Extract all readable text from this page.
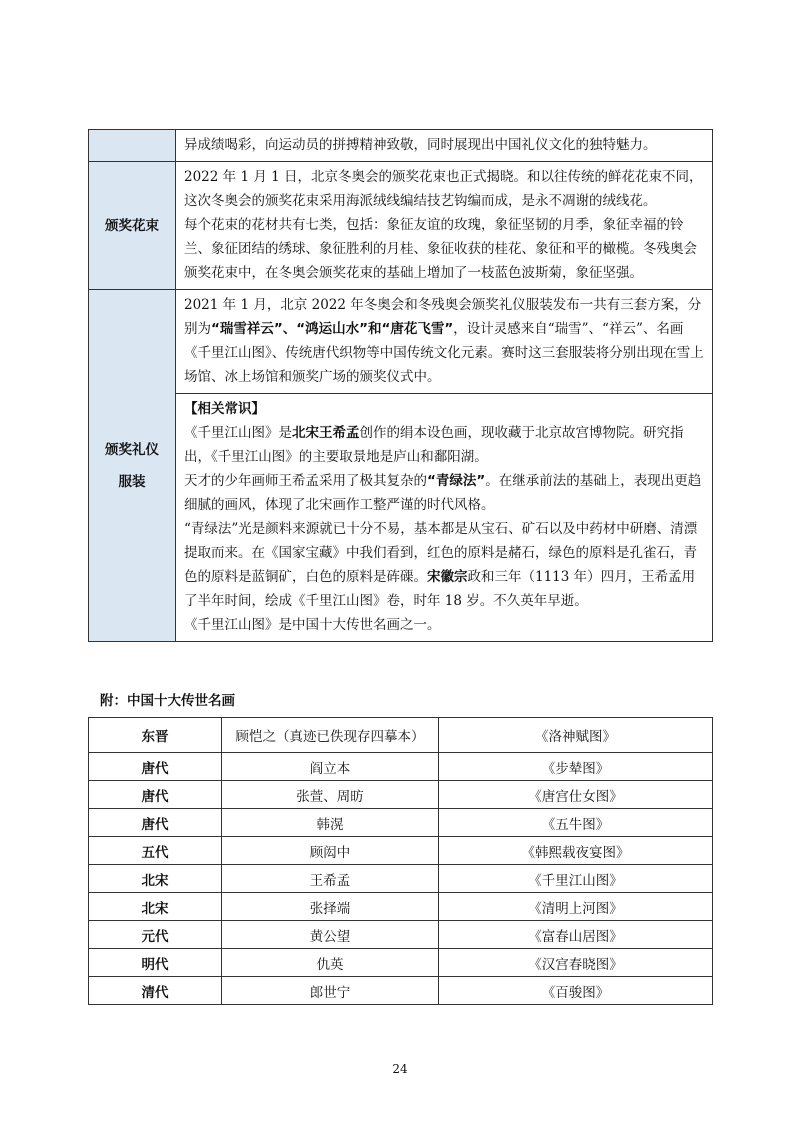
	异成绩喝彩，向运动员的拼搏精神致敬，同时展现出中国礼仪文化的独特魅力。

颁奖花束	2022 年 1 月 1 日，北京冬奥会的颁奖花束也正式揭晓。和以往传统的鲜花花束不同，这次冬奥会的颁奖花束采用海派绒线编结技艺钩编而成，是永不凋谢的绒线花。

每个花束的花材共有七类，包括：象征友谊的玫瑰，象征坚韧的月季，象征幸福的铃兰、象征团结的绣球、象征胜利的月桂、象征收获的桂花、象征和平的橄榄。冬残奥会颁奖花束中，在冬奥会颁奖花束的基础上增加了一枝蓝色波斯菊，象征坚强。

颁奖礼仪
服装	2021 年 1 月，北京 2022 年冬奥会和冬残奥会颁奖礼仪服装发布一共有三套方案，分别为“瑞雪祥云”、“鸿运山水”和“唐花飞雪”，设计灵感来自“瑞雪”、“祥云”、名画《千里江山图》、传统唐代织物等中国传统文化元素。赛时这三套服装将分别出现在雪上场馆、冰上场馆和颁奖广场的颁奖仪式中。

	【相关常识】

《千里江山图》是北宋王希孟创作的绢本设色画，现收藏于北京故宫博物院。研究指出，《千里江山图》的主要取景地是庐山和鄱阳湖。

天才的少年画师王希孟采用了极其复杂的“青绿法”。在继承前法的基础上，表现出更趋细腻的画风，体现了北宋画作工整严谨的时代风格。

“青绿法”光是颜料来源就已十分不易，基本都是从宝石、矿石以及中药材中研磨、清漂提取而来。在《国家宝藏》中我们看到，红色的原料是赭石，绿色的原料是孔雀石，青色的原料是蓝铜矿，白色的原料是砗磲。宋徽宗政和三年（1113 年）四月，王希孟用了半年时间，绘成《千里江山图》卷，时年 18 岁。不久英年早逝。

《千里江山图》是中国十大传世名画之一。

附：中国十大传世名画

东晋	顾恺之（真迹已佚现存四摹本）	《洛神赋图》
唐代	阎立本	《步辇图》
唐代	张萱、周昉	《唐宫仕女图》
唐代	韩滉	《五牛图》
五代	顾闳中	《韩熙载夜宴图》
北宋	王希孟	《千里江山图》
北宋	张择端	《清明上河图》
元代	黄公望	《富春山居图》
明代	仇英	《汉宫春晓图》
清代	郎世宁	《百骏图》
24
